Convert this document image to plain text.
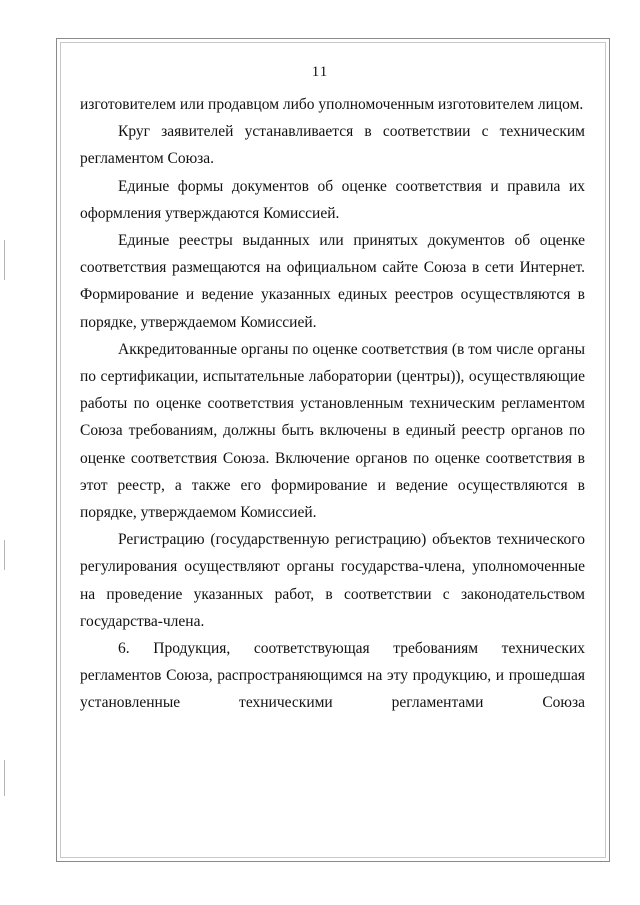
11

изготовителем или продавцом либо уполномоченным изготовителем лицом.

Круг заявителей устанавливается в соответствии с техническим регламентом Союза.

Единые формы документов об оценке соответствия и правила их оформления утверждаются Комиссией.

Единые реестры выданных или принятых документов об оценке соответствия размещаются на официальном сайте Союза в сети Интернет. Формирование и ведение указанных единых реестров осуществляются в порядке, утверждаемом Комиссией.

Аккредитованные органы по оценке соответствия (в том числе органы по сертификации, испытательные лаборатории (центры)), осуществляющие работы по оценке соответствия установленным техническим регламентом Союза требованиям, должны быть включены в единый реестр органов по оценке соответствия Союза. Включение органов по оценке соответствия в этот реестр, а также его формирование и ведение осуществляются в порядке, утверждаемом Комиссией.

Регистрацию (государственную регистрацию) объектов технического регулирования осуществляют органы государства-члена, уполномоченные на проведение указанных работ, в соответствии с законодательством государства-члена.

6. Продукция, соответствующая требованиям технических регламентов Союза, распространяющимся на эту продукцию, и прошедшая установленные техническими регламентами Союза
